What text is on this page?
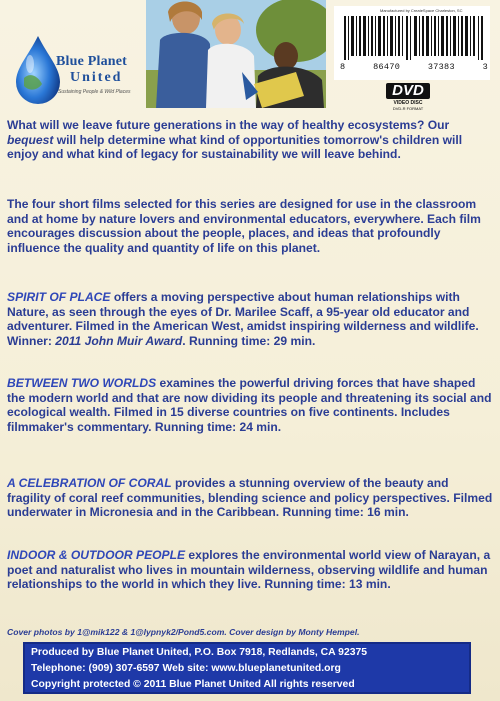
Blue Planet
United
Sustaining People & Wild Places
Manufactured by CreateSpace Charleston, SC
8	86470	37383	3
DVD
VIDEO DISC
DVD-R FORMAT

What will we leave future generations in the way of healthy ecosystems? Our bequest will help determine what kind of opportunities tomorrow's children will enjoy and what kind of legacy for sustainability we will leave behind.

The four short films selected for this series are designed for use in the classroom and at home by nature lovers and environmental educators, everywhere. Each film encourages discussion about the people, places, and ideas that profoundly influence the quality and quantity of life on this planet.

SPIRIT OF PLACE offers a moving perspective about human relationships with Nature, as seen through the eyes of Dr. Marilee Scaff, a 95-year old educator and adventurer. Filmed in the American West, amidst inspiring wilderness and wildlife. Winner: 2011 John Muir Award. Running time: 29 min.

BETWEEN TWO WORLDS examines the powerful driving forces that have shaped the modern world and that are now dividing its people and threatening its social and ecological wealth. Filmed in 15 diverse countries on five continents. Includes filmmaker's commentary. Running time: 24 min.

A CELEBRATION OF CORAL provides a stunning overview of the beauty and fragility of coral reef communities, blending science and policy perspectives. Filmed underwater in Micronesia and in the Caribbean. Running time: 16 min.

INDOOR & OUTDOOR PEOPLE explores the environmental world view of Narayan, a poet and naturalist who lives in mountain wilderness, observing wildlife and human relationships to the world in which they live. Running time: 13 min.

Cover photos by 1@mik122 & 1@lypnyk2/Pond5.com. Cover design by Monty Hempel.
Produced by Blue Planet United, P.O. Box 7918, Redlands, CA 92375
Telephone: (909) 307-6597 Web site: www.blueplanetunited.org
Copyright protected © 2011 Blue Planet United All rights reserved
